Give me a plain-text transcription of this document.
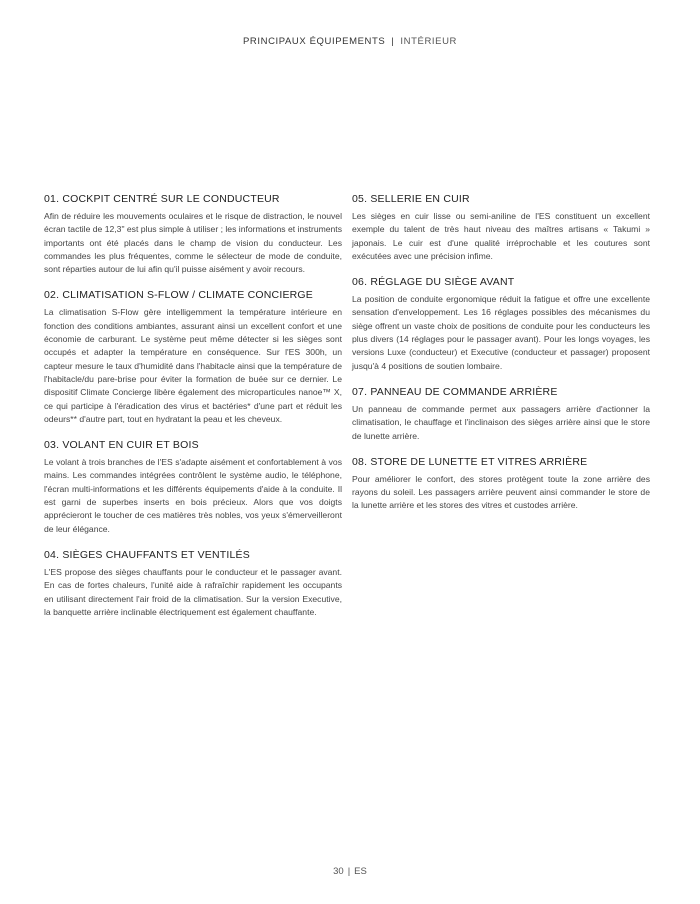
PRINCIPAUX ÉQUIPEMENTS | INTÉRIEUR
01. COCKPIT CENTRÉ SUR LE CONDUCTEUR

Afin de réduire les mouvements oculaires et le risque de distraction, le nouvel écran tactile de 12,3" est plus simple à utiliser ; les informations et instruments importants ont été placés dans le champ de vision du conducteur. Les commandes les plus fréquentes, comme le sélecteur de mode de conduite, sont réparties autour de lui afin qu'il puisse aisément y avoir recours.

02. CLIMATISATION S-FLOW / CLIMATE CONCIERGE

La climatisation S-Flow gère intelligemment la température intérieure en fonction des conditions ambiantes, assurant ainsi un excellent confort et une économie de carburant. Le système peut même détecter si les sièges sont occupés et adapter la température en conséquence. Sur l'ES 300h, un capteur mesure le taux d'humidité dans l'habitacle ainsi que la température de l'habitacle/du pare-brise pour éviter la formation de buée sur ce dernier. Le dispositif Climate Concierge libère également des microparticules nanoe™ X, ce qui participe à l'éradication des virus et bactéries* d'une part et réduit les odeurs** d'autre part, tout en hydratant la peau et les cheveux.

03. VOLANT EN CUIR ET BOIS

Le volant à trois branches de l'ES s'adapte aisément et confortablement à vos mains. Les commandes intégrées contrôlent le système audio, le téléphone, l'écran multi-informations et les différents équipements d'aide à la conduite. Il est garni de superbes inserts en bois précieux. Alors que vos doigts apprécieront le toucher de ces matières très nobles, vos yeux s'émerveilleront de leur élégance.

04. SIÈGES CHAUFFANTS ET VENTILÉS

L'ES propose des sièges chauffants pour le conducteur et le passager avant. En cas de fortes chaleurs, l'unité aide à rafraîchir rapidement les occupants en utilisant directement l'air froid de la climatisation. Sur la version Executive, la banquette arrière inclinable électriquement est également chauffante.

05. SELLERIE EN CUIR

Les sièges en cuir lisse ou semi-aniline de l'ES constituent un excellent exemple du talent de très haut niveau des maîtres artisans « Takumi » japonais. Le cuir est d'une qualité irréprochable et les coutures sont exécutées avec une précision infime.

06. RÉGLAGE DU SIÈGE AVANT

La position de conduite ergonomique réduit la fatigue et offre une excellente sensation d'enveloppement. Les 16 réglages possibles des mécanismes du siège offrent un vaste choix de positions de conduite pour les conducteurs les plus divers (14 réglages pour le passager avant). Pour les longs voyages, les versions Luxe (conducteur) et Executive (conducteur et passager) proposent jusqu'à 4 positions de soutien lombaire.

07. PANNEAU DE COMMANDE ARRIÈRE

Un panneau de commande permet aux passagers arrière d'actionner la climatisation, le chauffage et l'inclinaison des sièges arrière ainsi que le store de lunette arrière.

08. STORE DE LUNETTE ET VITRES ARRIÈRE

Pour améliorer le confort, des stores protègent toute la zone arrière des rayons du soleil. Les passagers arrière peuvent ainsi commander le store de la lunette arrière et les stores des vitres et custodes arrière.

30 | ES
